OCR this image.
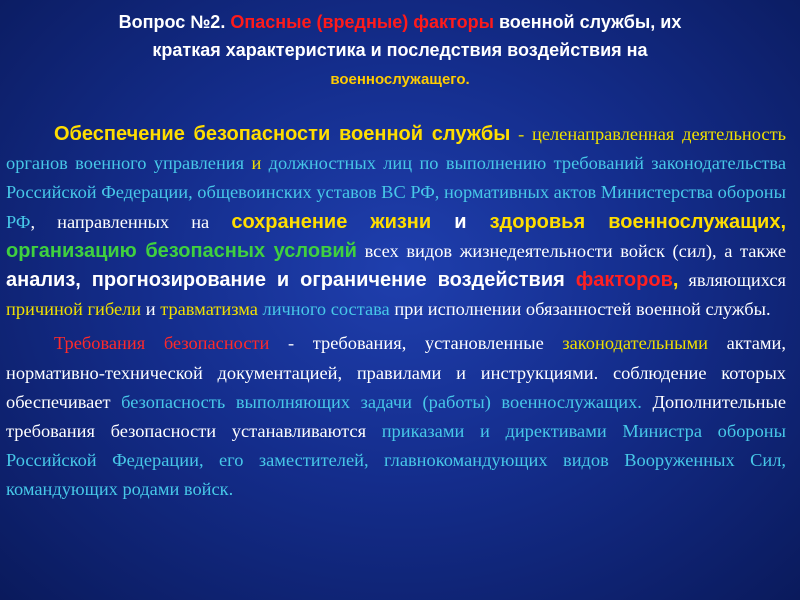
Вопрос №2. Опасные (вредные) факторы военной службы, их
краткая характеристика и последствия воздействия на
военнослужащего.

Обеспечение безопасности военной службы - целенаправленная деятельность органов военного управления и должностных лиц по выполнению требований законодательства Российской Федерации, общевоинских уставов ВС РФ, нормативных актов Министерства обороны РФ, направленных на сохранение жизни и здоровья военнослужащих, организацию безопасных условий всех видов жизнедеятельности войск (сил), а также анализ, прогнозирование и ограничение воздействия факторов, являющихся причиной гибели и травматизма личного состава при исполнении обязанностей военной службы.

Требования безопасности - требования, установленные законодательными актами, нормативно-технической документацией, правилами и инструкциями. соблюдение которых обеспечивает безопасность выполняющих задачи (работы) военнослужащих. Дополнительные требования безопасности устанавливаются приказами и директивами Министра обороны Российской Федерации, его заместителей, главнокомандующих видов Вооруженных Сил, командующих родами войск.
